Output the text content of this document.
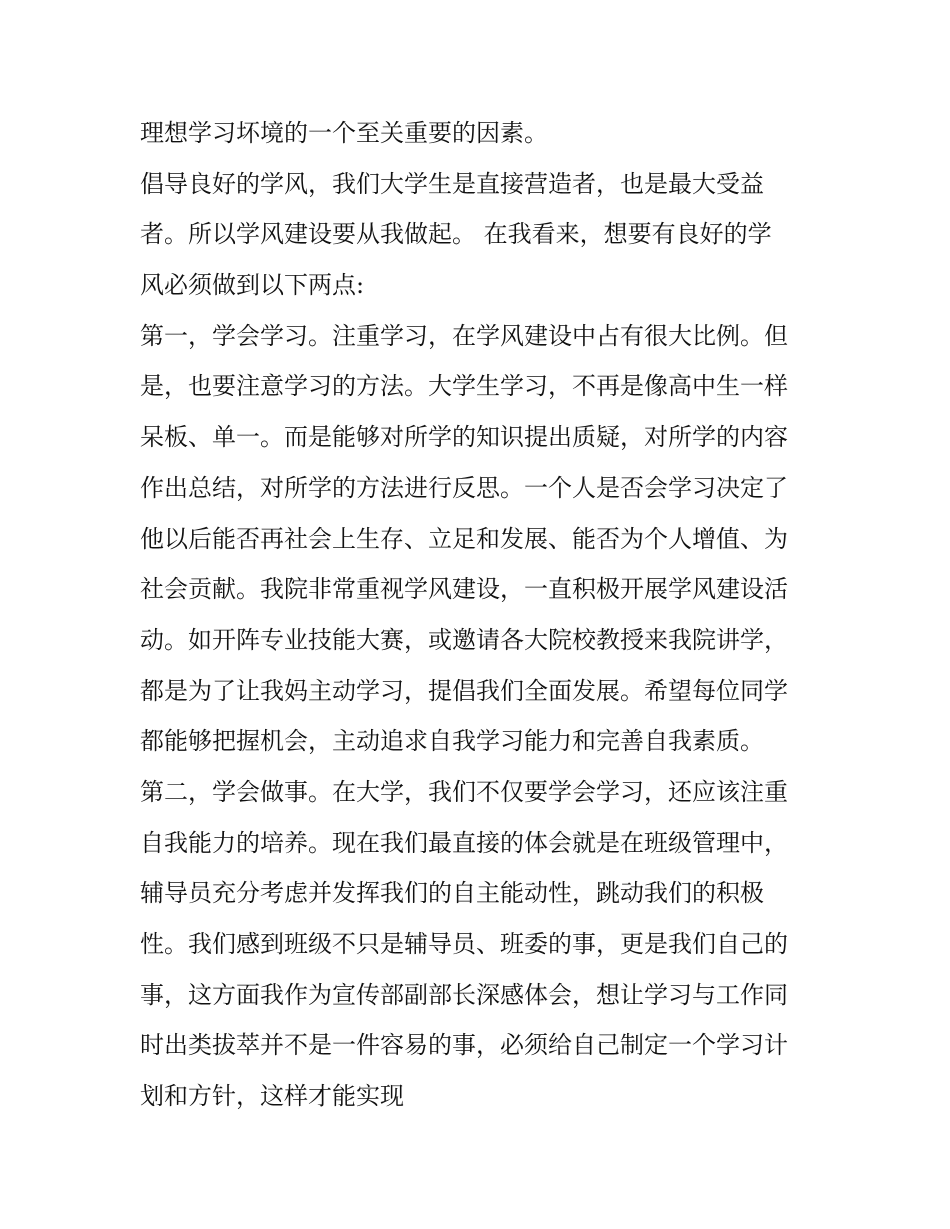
理想学习坏境的一个至关重要的因素。
倡导良好的学风，我们大学生是直接营造者，也是最大受益
者。所以学风建设要从我做起。 在我看来，想要有良好的学
风必须做到以下两点:
第一，学会学习。注重学习，在学风建设中占有很大比例。但
是，也要注意学习的方法。大学生学习，不再是像高中生一样
呆板、单一。而是能够对所学的知识提出质疑，对所学的内容
作出总结，对所学的方法进行反思。一个人是否会学习决定了
他以后能否再社会上生存、立足和发展、能否为个人增值、为
社会贡献。我院非常重视学风建设，一直积极开展学风建设活
动。如开阵专业技能大赛，或邀请各大院校教授来我院讲学，
都是为了让我妈主动学习，提倡我们全面发展。希望每位同学
都能够把握机会，主动追求自我学习能力和完善自我素质。
第二，学会做事。在大学，我们不仅要学会学习，还应该注重
自我能力的培养。现在我们最直接的体会就是在班级管理中，
辅导员充分考虑并发挥我们的自主能动性，跳动我们的积极
性。我们感到班级不只是辅导员、班委的事，更是我们自己的
事，这方面我作为宣传部副部长深感体会，想让学习与工作同
时出类拔萃并不是一件容易的事，必须给自己制定一个学习计
划和方针，这样才能实现
